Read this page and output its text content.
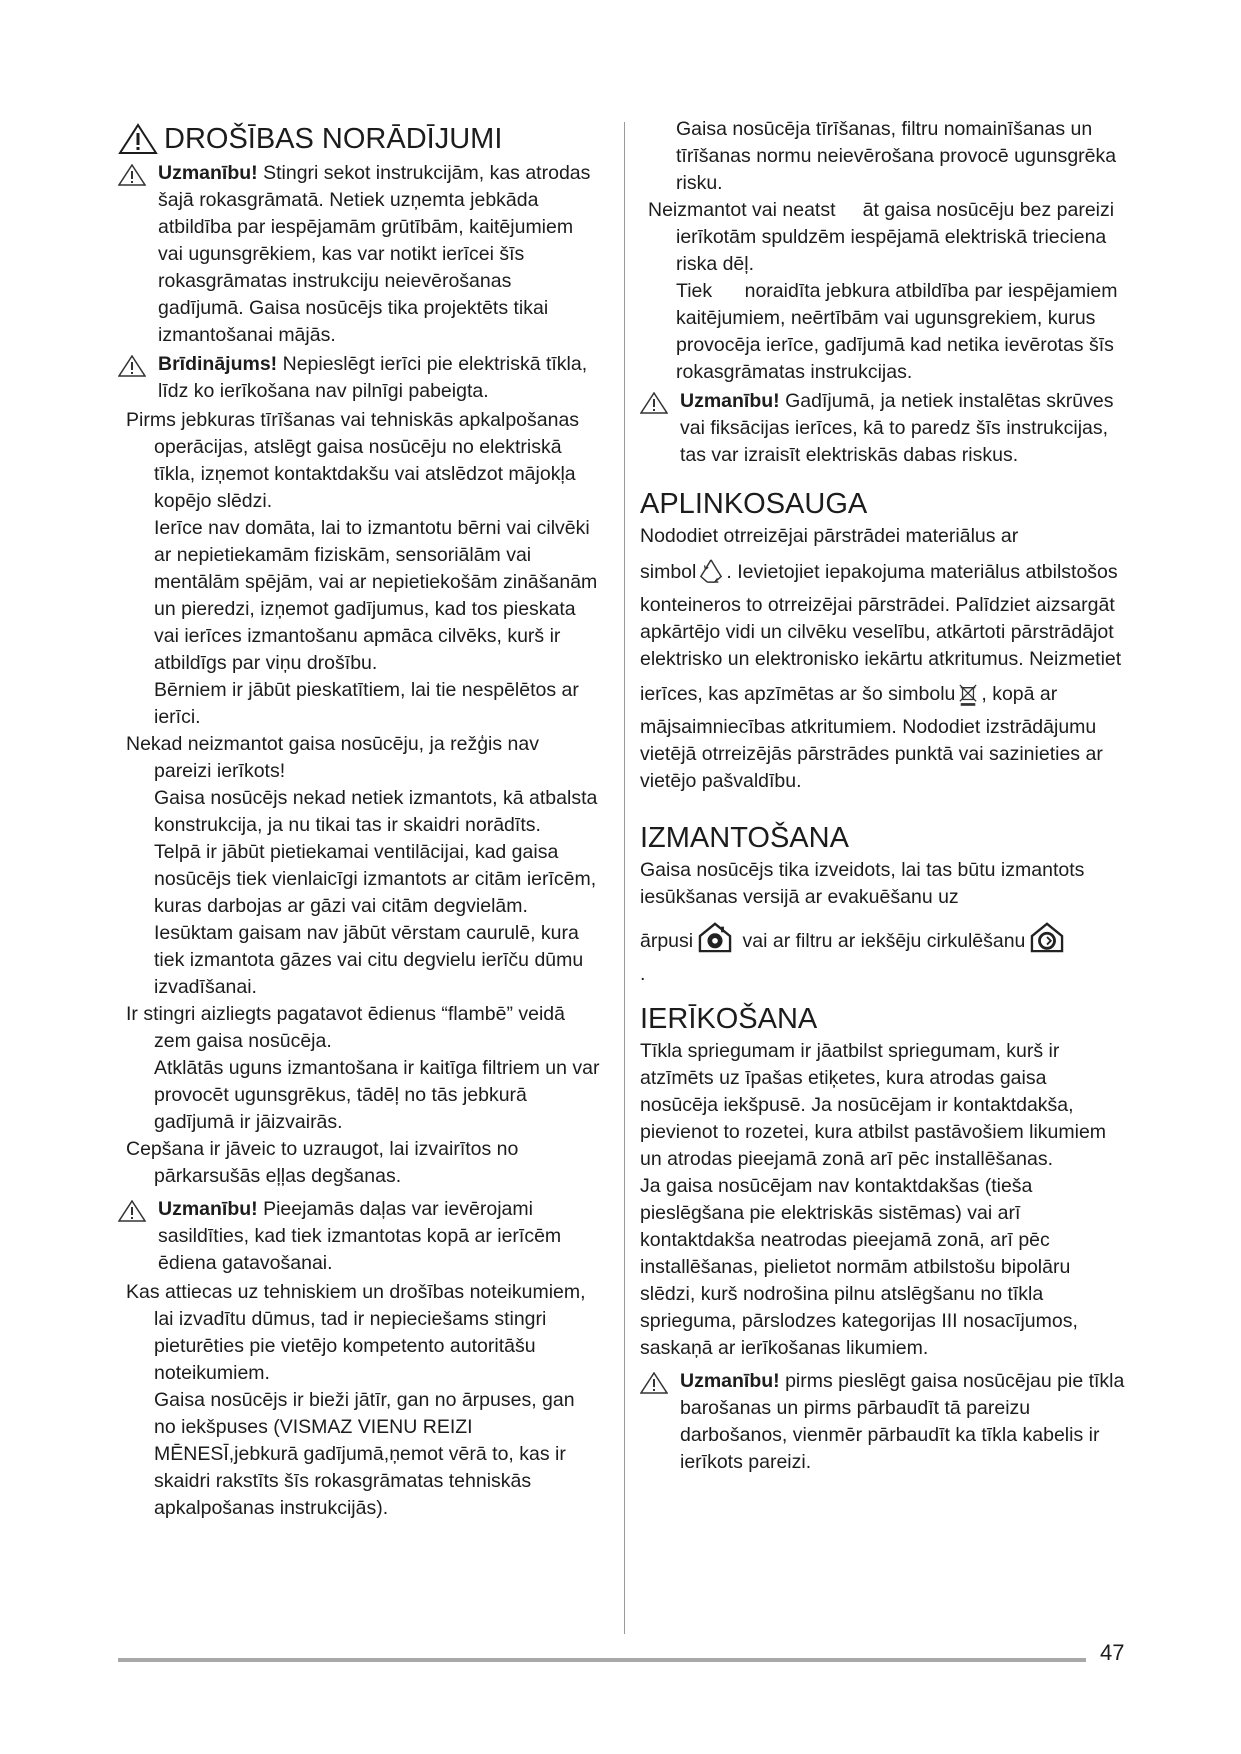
DROŠĪBAS NORĀDĪJUMI
Uzmanību! Stingri sekot instrukcijām, kas atrodas šajā rokasgrāmatā. Netiek uzņemta jebkāda atbildība par iespējamām grūtībām, kaitējumiem vai ugunsgrēkiem, kas var notikt ierīcei šīs rokasgrāmatas instrukciju neievērošanas gadījumā. Gaisa nosūcējs tika projektēts tikai izmantošanai mājās.
Brīdinājums! Nepieslēgt ierīci pie elektriskā tīkla, līdz ko ierīkošana nav pilnīgi pabeigta.

Pirms jebkuras tīrīšanas vai tehniskās apkalpošanas operācijas, atslēgt gaisa nosūcēju no elektriskā tīkla, izņemot kontaktdakšu vai atslēdzot mājokļa kopējo slēdzi.

Ierīce nav domāta, lai to izmantotu bērni vai cilvēki ar nepietiekamām fiziskām, sensoriālām vai mentālām spējām, vai ar nepietiekošām zināšanām un pieredzi, izņemot gadījumus, kad tos pieskata vai ierīces izmantošanu apmāca cilvēks, kurš ir atbildīgs par viņu drošību.

Bērniem ir jābūt pieskatītiem, lai tie nespēlētos ar ierīci.

Nekad neizmantot gaisa nosūcēju, ja režģis nav pareizi ierīkots!

Gaisa nosūcējs nekad netiek izmantots, kā atbalsta konstrukcija, ja nu tikai tas ir skaidri norādīts.

Telpā ir jābūt pietiekamai ventilācijai, kad gaisa nosūcējs tiek vienlaicīgi izmantots ar citām ierīcēm, kuras darbojas ar gāzi vai citām degvielām.

Iesūktam gaisam nav jābūt vērstam caurulē, kura tiek izmantota gāzes vai citu degvielu ierīču dūmu izvadīšanai.

Ir stingri aizliegts pagatavot ēdienus “flambē” veidā zem gaisa nosūcēja.

Atklātās uguns izmantošana ir kaitīga filtriem un var provocēt ugunsgrēkus, tādēļ no tās jebkurā gadījumā ir jāizvairās.

Cepšana ir jāveic to uzraugot, lai izvairītos no pārkarsušās eļļas degšanas.

Uzmanību! Pieejamās daļas var ievērojami sasildīties, kad tiek izmantotas kopā ar ierīcēm ēdiena gatavošanai.

Kas attiecas uz tehniskiem un drošības noteikumiem, lai izvadītu dūmus, tad ir nepieciešams stingri pieturēties pie vietējo kompetento autoritāšu noteikumiem.

Gaisa nosūcējs ir bieži jātīr, gan no ārpuses, gan no iekšpuses (VISMAZ VIENU REIZI MĒNESĪ,jebkurā gadījumā,ņemot vērā to, kas ir skaidri rakstīts šīs rokasgrāmatas tehniskās apkalpošanas instrukcijās).

Gaisa nosūcēja tīrīšanas, filtru nomainīšanas un tīrīšanas normu neievērošana provocē ugunsgrēka risku.

Neizmantot vai neatst     āt gaisa nosūcēju bez pareizi ierīkotām spuldzēm iespējamā elektriskā trieciena riska dēļ.

Tiek      noraidīta jebkura atbildība par iespējamiem kaitējumiem, neērtībām vai ugunsgrekiem, kurus provocēja ierīce, gadījumā kad netika ievērotas šīs rokasgrāmatas instrukcijas.

Uzmanību! Gadījumā, ja netiek instalētas skrūves vai fiksācijas ierīces, kā to paredz šīs instrukcijas, tas var izraisīt elektriskās dabas riskus.
APLINKOSAUGA

Nododiet otrreizējai pārstrādei materiālus ar

simbol . Ievietojiet iepakojuma materiālus atbilstošos konteineros to otrreizējai pārstrādei. Palīdziet aizsargāt apkārtējo vidi un cilvēku veselību, atkārtoti pārstrādājot elektrisko un elektronisko iekārtu atkritumus. Neizmetiet

ierīces, kas apzīmētas ar šo simbolu , kopā ar mājsaimniecības atkritumiem. Nododiet izstrādājumu vietējā otrreizējās pārstrādes punktā vai sazinieties ar vietējo pašvaldību.

IZMANTOŠANA

Gaisa nosūcējs tika izveidots, lai tas būtu izmantots iesūkšanas versijā ar evakuēšanu uz

ārpusi vai ar filtru ar iekšēju cirkulēšanu
.

IERĪKOŠANA

Tīkla spriegumam ir jāatbilst spriegumam, kurš ir atzīmēts uz īpašas etiķetes, kura atrodas gaisa nosūcēja iekšpusē. Ja nosūcējam ir kontaktdakša, pievienot to rozetei, kura atbilst pastāvošiem likumiem un atrodas pieejamā zonā arī pēc installēšanas.

Ja gaisa nosūcējam nav kontaktdakšas (tieša pieslēgšana pie elektriskās sistēmas) vai arī kontaktdakša neatrodas pieejamā zonā, arī pēc installēšanas, pielietot normām atbilstošu bipolāru slēdzi, kurš nodrošina pilnu atslēgšanu no tīkla sprieguma, pārslodzes kategorijas III nosacījumos, saskaņā ar ierīkošanas likumiem.

Uzmanību! pirms pieslēgt gaisa nosūcējau pie tīkla barošanas un pirms pārbaudīt tā pareizu darbošanos, vienmēr pārbaudīt ka tīkla kabelis ir ierīkots pareizi.
47
